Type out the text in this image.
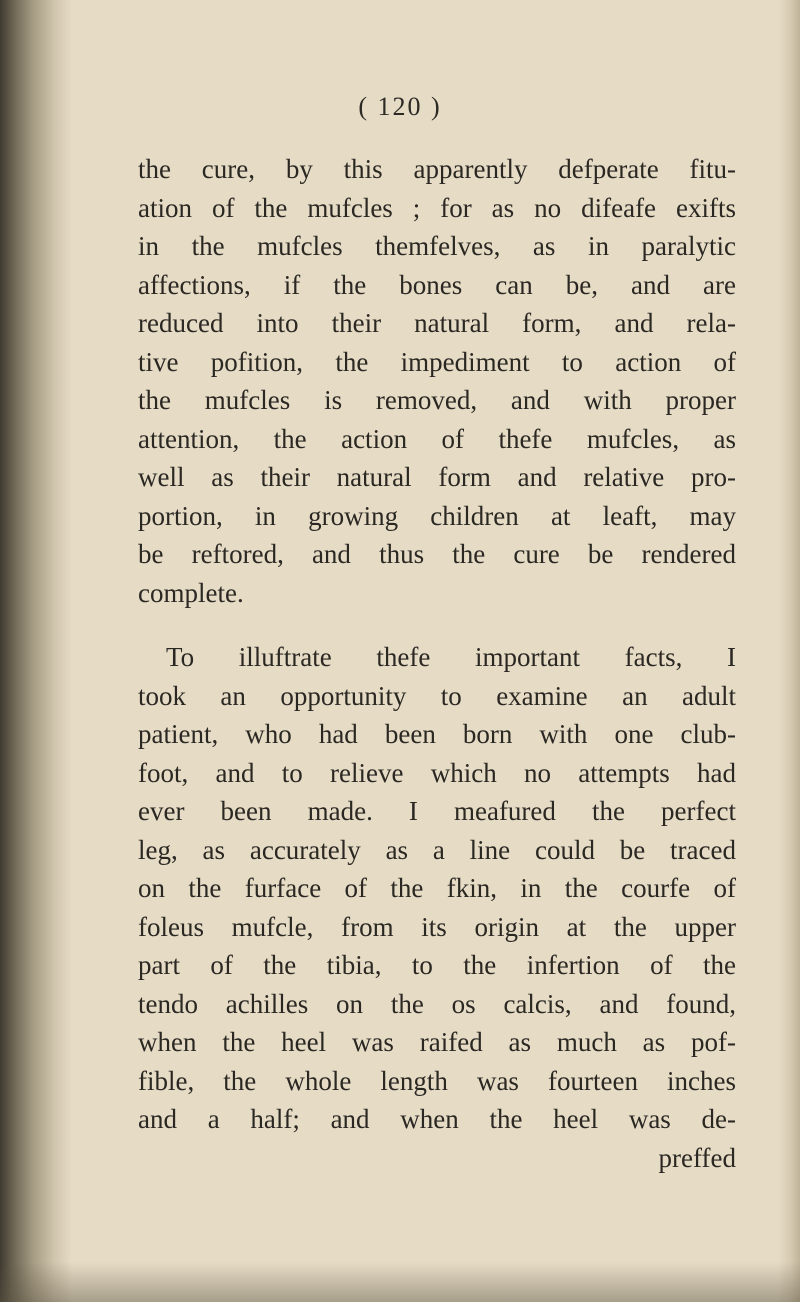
( 120 )
the cure, by this apparently defperate fitu-
ation of the mufcles ; for as no difeafe exifts
in the mufcles themfelves, as in paralytic
affections, if the bones can be, and are
reduced into their natural form, and rela-
tive pofition, the impediment to action of
the mufcles is removed, and with proper
attention, the action of thefe mufcles, as
well as their natural form and relative pro-
portion, in growing children at leaft, may
be reftored, and thus the cure be rendered
complete.
To illuftrate thefe important facts, I
took an opportunity to examine an adult
patient, who had been born with one club-
foot, and to relieve which no attempts had
ever been made. I meafured the perfect
leg, as accurately as a line could be traced
on the furface of the fkin, in the courfe of
foleus mufcle, from its origin at the upper
part of the tibia, to the infertion of the
tendo achilles on the os calcis, and found,
when the heel was raifed as much as pof-
fible, the whole length was fourteen inches
and a half; and when the heel was de-
preffed
